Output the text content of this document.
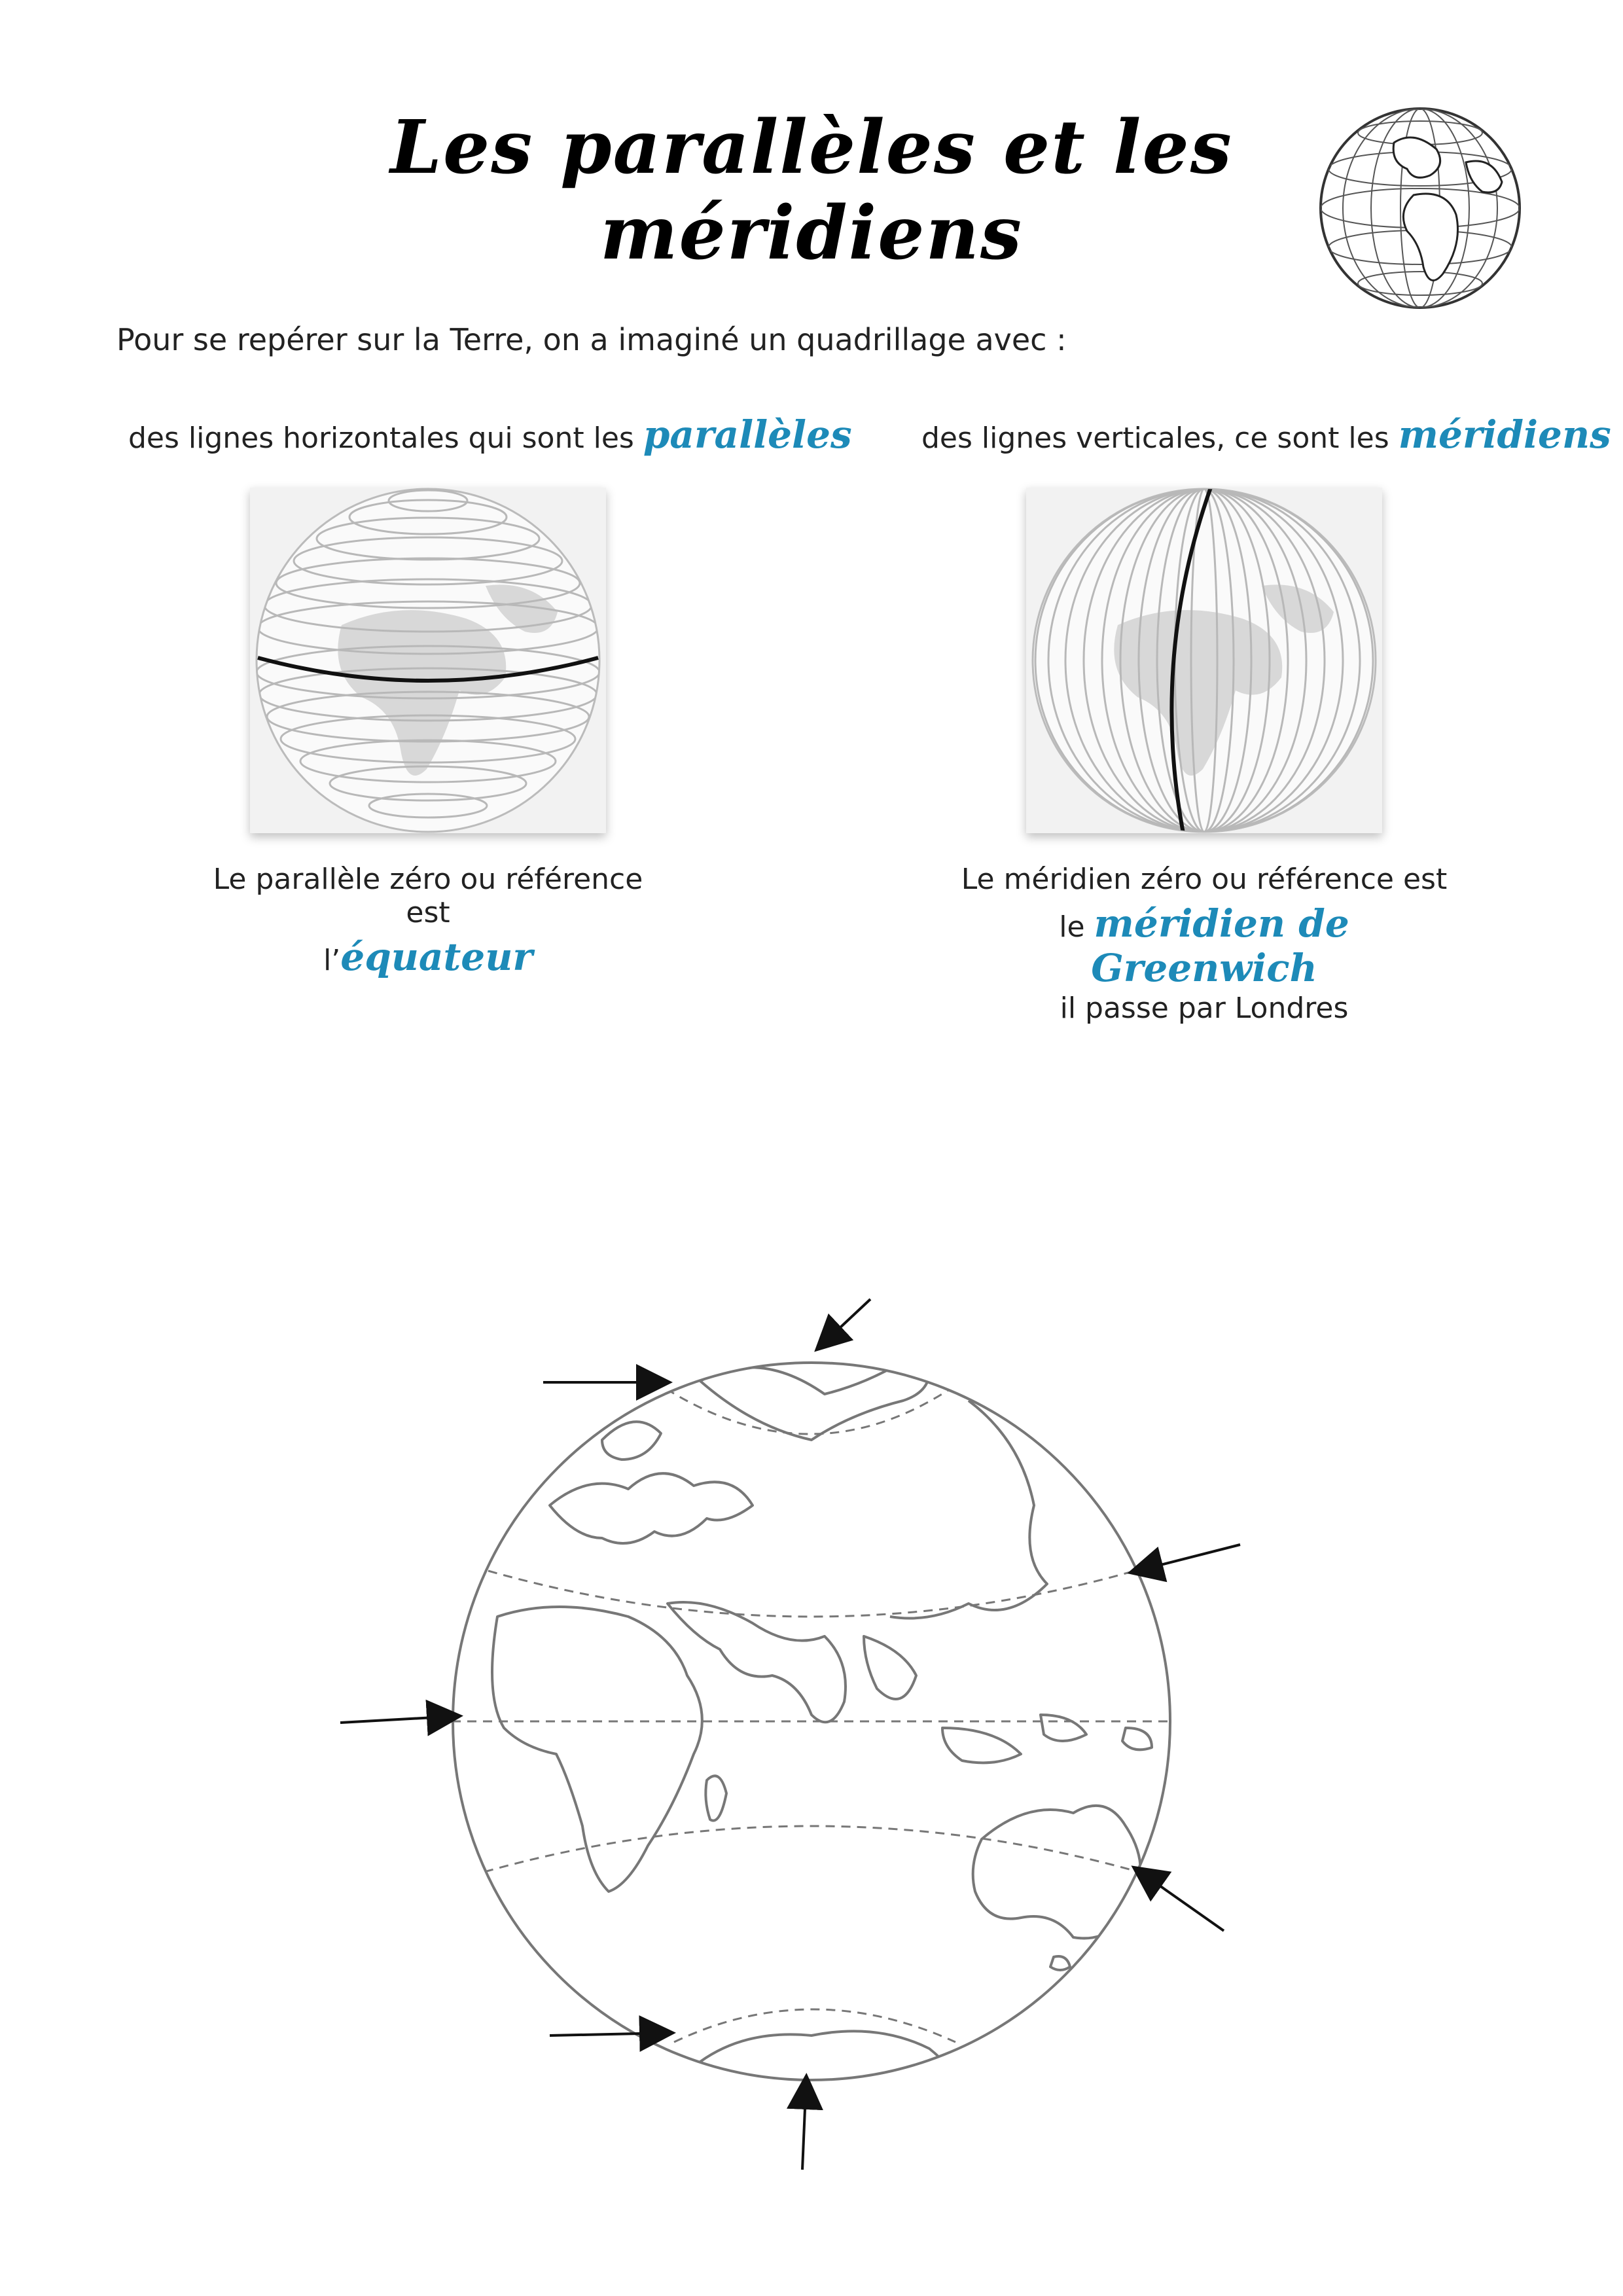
Les parallèles et les méridiens
Pour se repérer sur la Terre, on a imaginé un quadrillage avec :
des lignes horizontales qui sont les parallèles des lignes verticales, ce sont les méridiens
Le parallèle zéro ou référence est
l’équateur
Le méridien zéro ou référence est
le méridien de Greenwich
il passe par Londres
